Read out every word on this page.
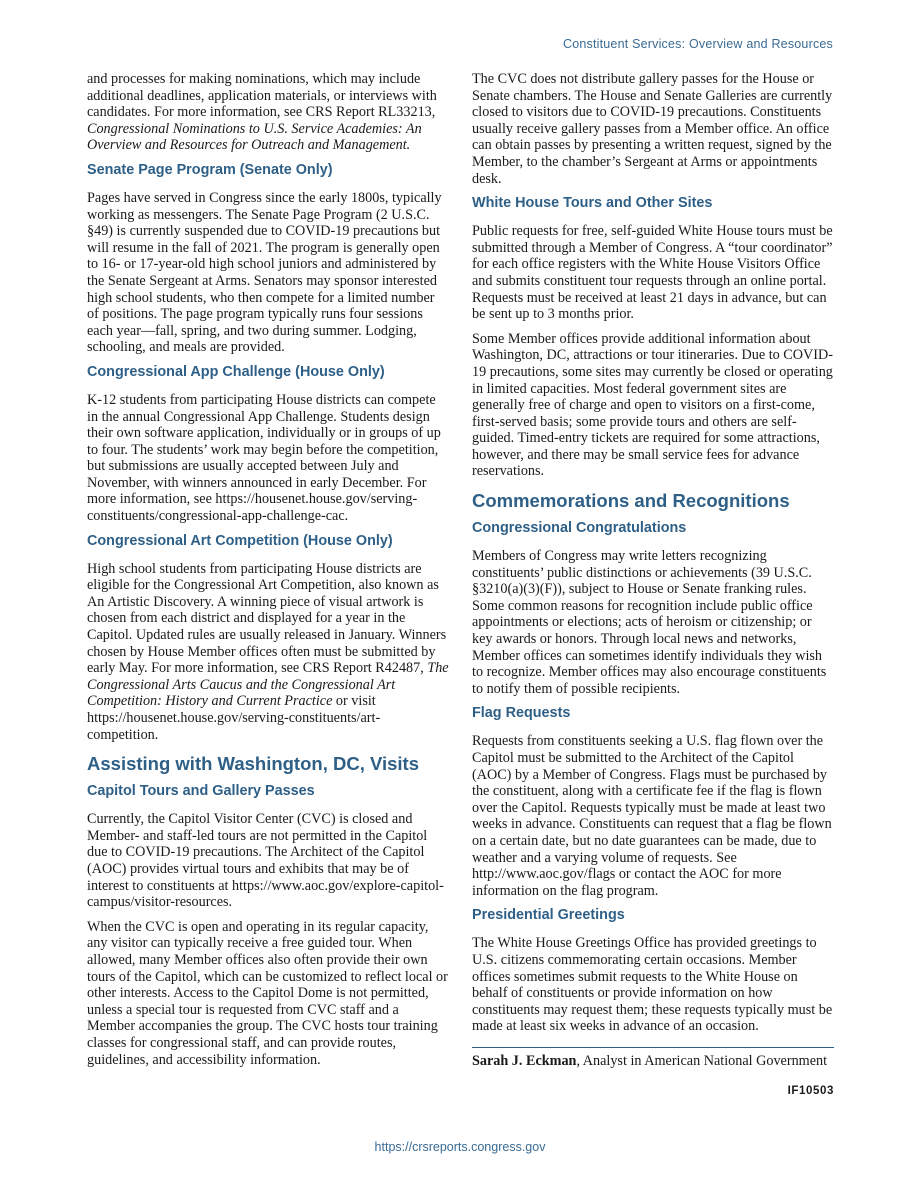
Constituent Services: Overview and Resources

and processes for making nominations, which may include additional deadlines, application materials, or interviews with candidates. For more information, see CRS Report RL33213, Congressional Nominations to U.S. Service Academies: An Overview and Resources for Outreach and Management.

Senate Page Program (Senate Only)

Pages have served in Congress since the early 1800s, typically working as messengers. The Senate Page Program (2 U.S.C. §49) is currently suspended due to COVID-19 precautions but will resume in the fall of 2021. The program is generally open to 16- or 17-year-old high school juniors and administered by the Senate Sergeant at Arms. Senators may sponsor interested high school students, who then compete for a limited number of positions. The page program typically runs four sessions each year—fall, spring, and two during summer. Lodging, schooling, and meals are provided.

Congressional App Challenge (House Only)

K-12 students from participating House districts can compete in the annual Congressional App Challenge. Students design their own software application, individually or in groups of up to four. The students’ work may begin before the competition, but submissions are usually accepted between July and November, with winners announced in early December. For more information, see https://housenet.house.gov/serving-constituents/congressional-app-challenge-cac.

Congressional Art Competition (House Only)

High school students from participating House districts are eligible for the Congressional Art Competition, also known as An Artistic Discovery. A winning piece of visual artwork is chosen from each district and displayed for a year in the Capitol. Updated rules are usually released in January. Winners chosen by House Member offices often must be submitted by early May. For more information, see CRS Report R42487, The Congressional Arts Caucus and the Congressional Art Competition: History and Current Practice or visit https://housenet.house.gov/serving-constituents/art-competition.

Assisting with Washington, DC, Visits
Capitol Tours and Gallery Passes

Currently, the Capitol Visitor Center (CVC) is closed and Member- and staff-led tours are not permitted in the Capitol due to COVID-19 precautions. The Architect of the Capitol (AOC) provides virtual tours and exhibits that may be of interest to constituents at https://www.aoc.gov/explore-capitol-campus/visitor-resources.

When the CVC is open and operating in its regular capacity, any visitor can typically receive a free guided tour. When allowed, many Member offices also often provide their own tours of the Capitol, which can be customized to reflect local or other interests. Access to the Capitol Dome is not permitted, unless a special tour is requested from CVC staff and a Member accompanies the group. The CVC hosts tour training classes for congressional staff, and can provide routes, guidelines, and accessibility information.

The CVC does not distribute gallery passes for the House or Senate chambers. The House and Senate Galleries are currently closed to visitors due to COVID-19 precautions. Constituents usually receive gallery passes from a Member office. An office can obtain passes by presenting a written request, signed by the Member, to the chamber’s Sergeant at Arms or appointments desk.

White House Tours and Other Sites

Public requests for free, self-guided White House tours must be submitted through a Member of Congress. A “tour coordinator” for each office registers with the White House Visitors Office and submits constituent tour requests through an online portal. Requests must be received at least 21 days in advance, but can be sent up to 3 months prior.

Some Member offices provide additional information about Washington, DC, attractions or tour itineraries. Due to COVID-19 precautions, some sites may currently be closed or operating in limited capacities. Most federal government sites are generally free of charge and open to visitors on a first-come, first-served basis; some provide tours and others are self-guided. Timed-entry tickets are required for some attractions, however, and there may be small service fees for advance reservations.

Commemorations and Recognitions
Congressional Congratulations

Members of Congress may write letters recognizing constituents’ public distinctions or achievements (39 U.S.C. §3210(a)(3)(F)), subject to House or Senate franking rules. Some common reasons for recognition include public office appointments or elections; acts of heroism or citizenship; or key awards or honors. Through local news and networks, Member offices can sometimes identify individuals they wish to recognize. Member offices may also encourage constituents to notify them of possible recipients.

Flag Requests

Requests from constituents seeking a U.S. flag flown over the Capitol must be submitted to the Architect of the Capitol (AOC) by a Member of Congress. Flags must be purchased by the constituent, along with a certificate fee if the flag is flown over the Capitol. Requests typically must be made at least two weeks in advance. Constituents can request that a flag be flown on a certain date, but no date guarantees can be made, due to weather and a varying volume of requests. See http://www.aoc.gov/flags or contact the AOC for more information on the flag program.

Presidential Greetings

The White House Greetings Office has provided greetings to U.S. citizens commemorating certain occasions. Member offices sometimes submit requests to the White House on behalf of constituents or provide information on how constituents may request them; these requests typically must be made at least six weeks in advance of an occasion.

Sarah J. Eckman, Analyst in American National Government

IF10503
https://crsreports.congress.gov
